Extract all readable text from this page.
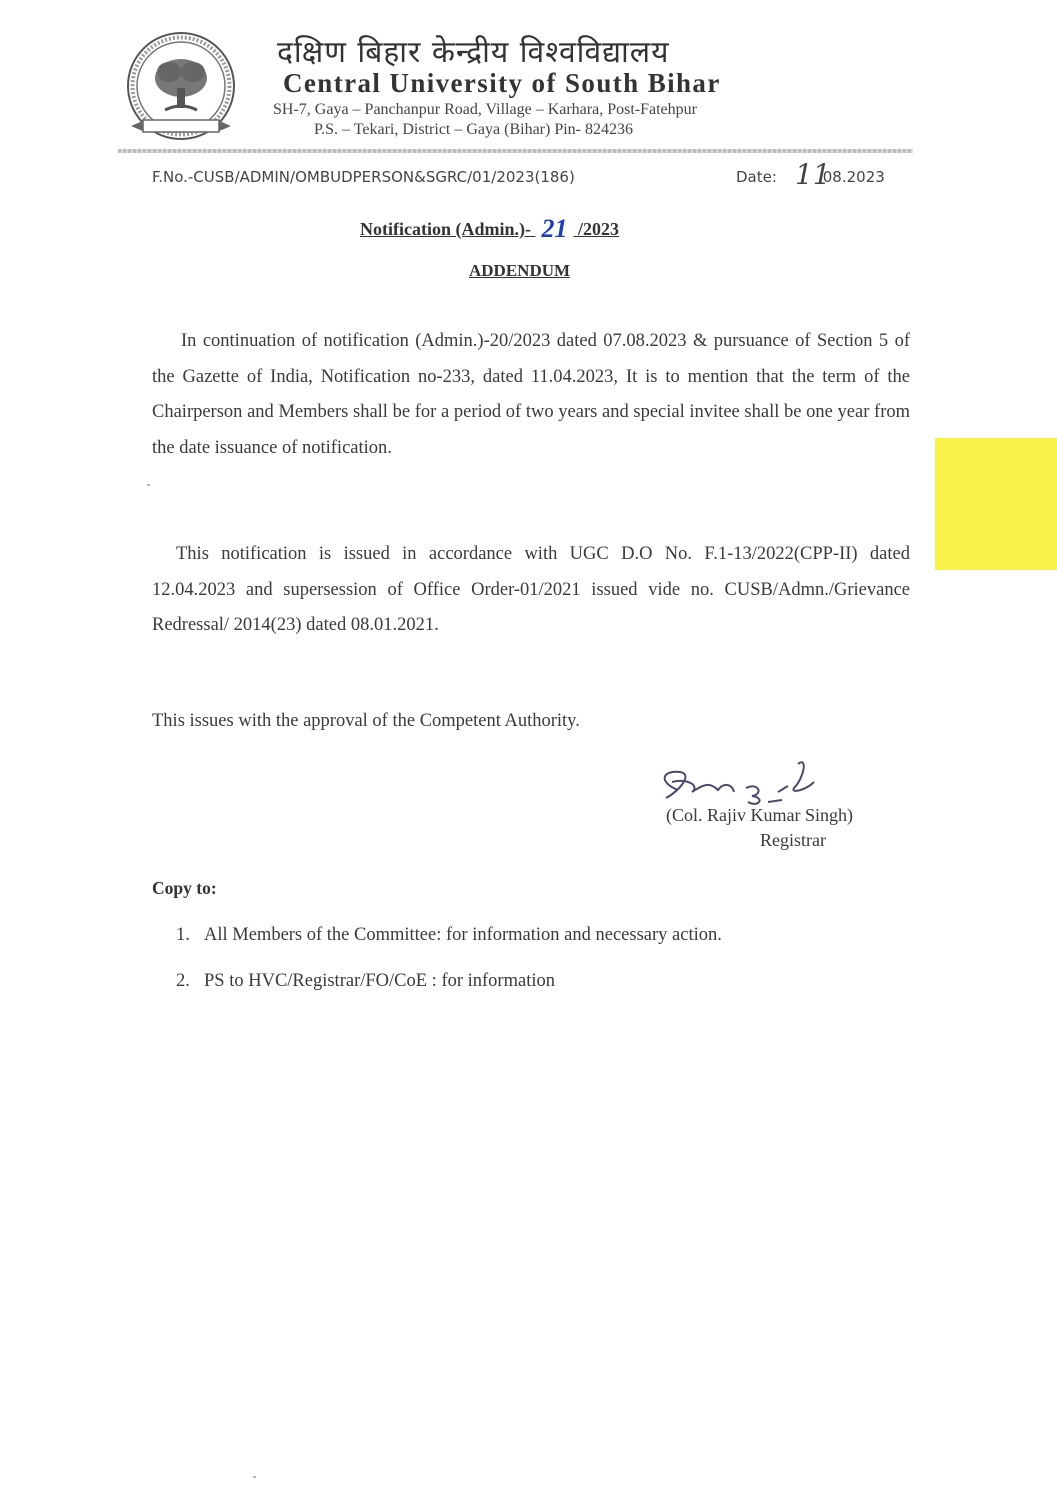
दक्षिण बिहार केन्द्रीय विश्वविद्यालय
Central University of South Bihar
SH-7, Gaya – Panchanpur Road, Village – Karhara, Post-Fatehpur
P.S. – Tekari, District – Gaya (Bihar) Pin- 824236
F.No.-CUSB/ADMIN/OMBUDPERSON&SGRC/01/2023(186)	Date: 11
.08.2023
Notification (Admin.)- 21 /2023
ADDENDUM
In continuation of notification (Admin.)-20/2023 dated 07.08.2023 & pursuance of Section 5 of the Gazette of India, Notification no-233, dated 11.04.2023, It is to mention that the term of the Chairperson and Members shall be for a period of two years and special invitee shall be one year from the date issuance of notification.
This notification is issued in accordance with UGC D.O No. F.1-13/2022(CPP-II) dated 12.04.2023 and supersession of Office Order-01/2021 issued vide no. CUSB/Admn./Grievance Redressal/ 2014(23) dated 08.01.2021.
This issues with the approval of the Competent Authority.
(Col. Rajiv Kumar Singh)
Registrar
Copy to:
1. All Members of the Committee: for information and necessary action.
2. PS to HVC/Registrar/FO/CoE : for information
